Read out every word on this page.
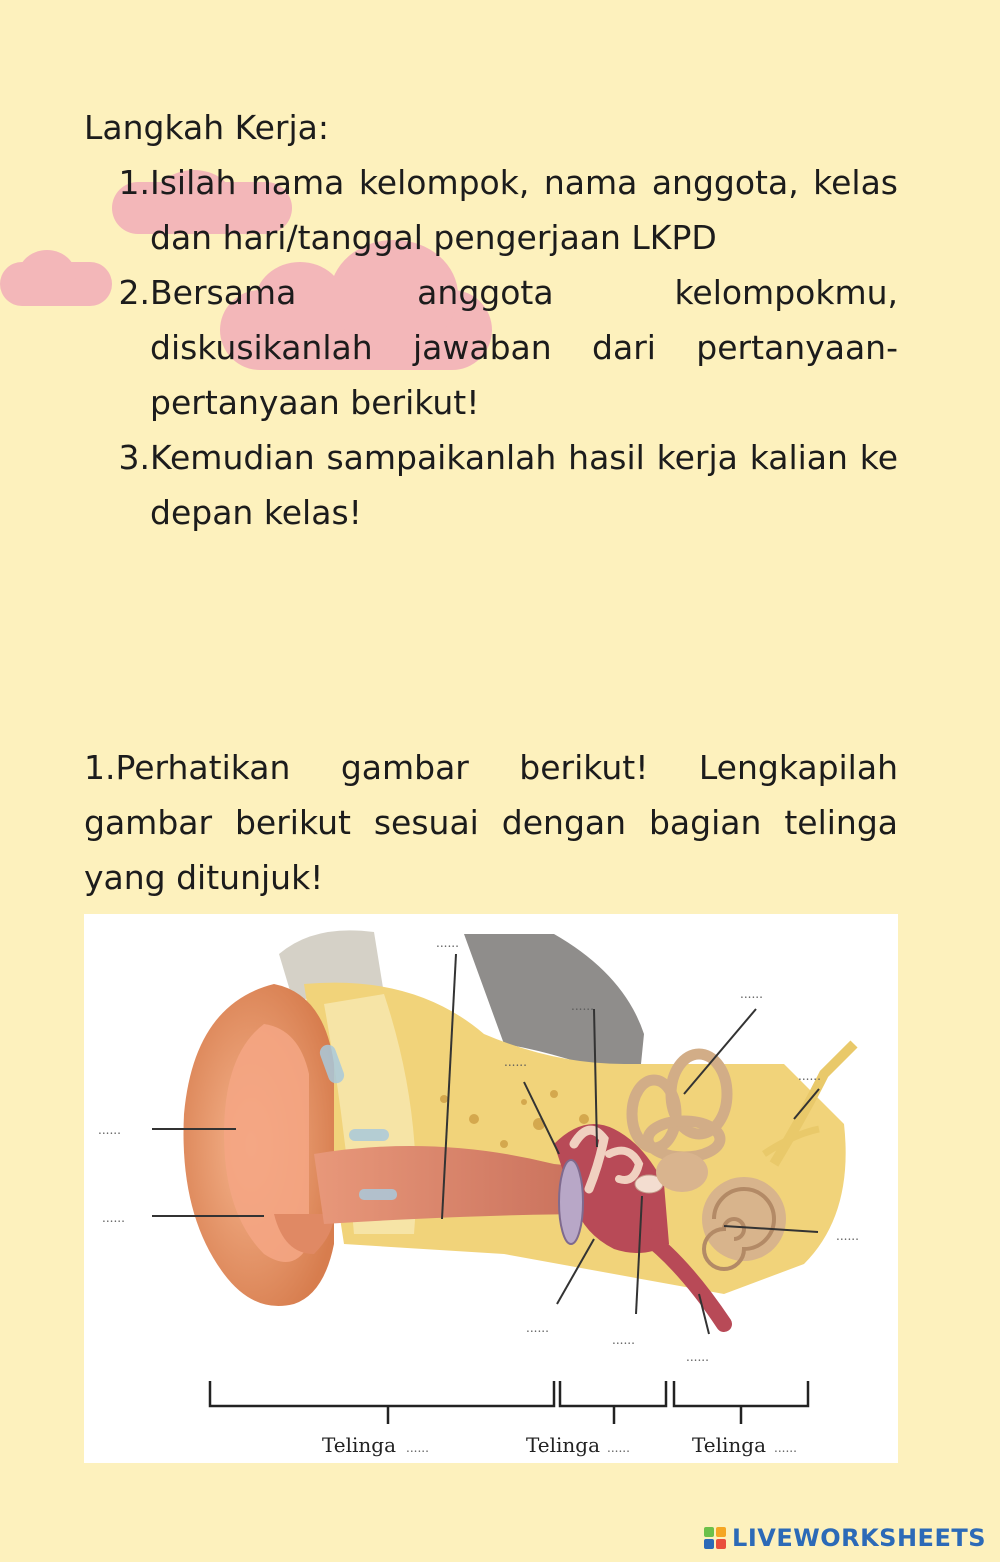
Langkah Kerja:

1. Isilah nama kelompok, nama anggota, kelas dan hari/tanggal pengerjaan LKPD
2. Bersama anggota kelompokmu, diskusikanlah jawaban dari pertanyaan-pertanyaan berikut!
3. Kemudian sampaikanlah hasil kerja kalian ke depan kelas!

1.Perhatikan gambar berikut! Lengkapilah gambar berikut sesuai dengan bagian telinga yang ditunjuk!

......
......
......
......
......
......
......
......
......
......
......
Telinga ......	Telinga ......	Telinga ......
LIVEWORKSHEETS
